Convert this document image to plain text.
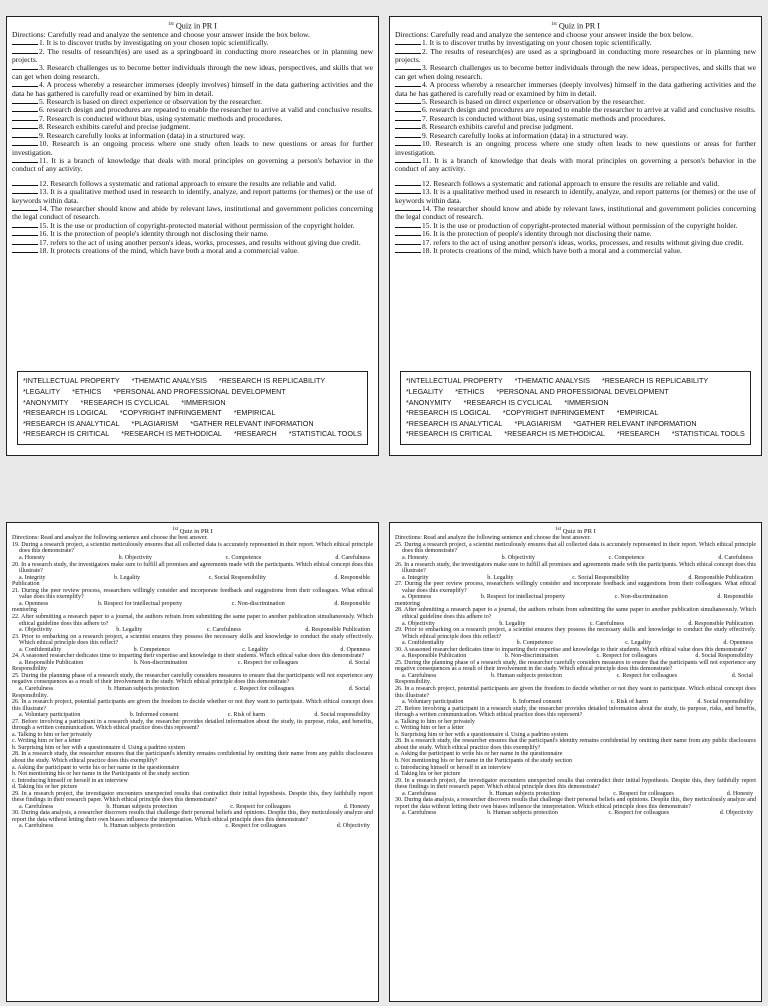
$^{1st}$ Quiz in PR I
Directions: Carefully read and analyze the sentence and choose your answer inside the box below.
1. It is to discover truths by investigating on your chosen topic scientifically.
2. The results of research(es) are used as a springboard in conducting more researches or in planning new projects.
3. Research challenges us to become better individuals through the new ideas, perspectives, and skills that we can get when doing research.
4. A process whereby a researcher immerses (deeply involves) himself in the data gathering activities and the data he has gathered is carefully read or examined by him in detail.
5. Research is based on direct experience or observation by the researcher.
6. research design and procedures are repeated to enable the researcher to arrive at valid and conclusive results.
7. Research is conducted without bias, using systematic methods and procedures.
8. Research exhibits careful and precise judgment.
9. Research carefully looks at information (data) in a structured way.
10. Research is an ongoing process where one study often leads to new questions or areas for further investigation.
11. It is a branch of knowledge that deals with moral principles on governing a person's behavior in the conduct of any activity.
12. Research follows a systematic and rational approach to ensure the results are reliable and valid.
13. It is a qualitative method used in research to identify, analyze, and report patterns (or themes) or the use of keywords within data.
14. The researcher should know and abide by relevant laws, institutional and government policies concerning the legal conduct of research.
15. It is the use or production of copyright-protected material without permission of the copyright holder.
16. It is the protection of people's identity through not disclosing their name.
17. refers to the act of using another person's ideas, works, processes, and results without giving due credit.
18. It protects creations of the mind, which have both a moral and a commercial value.
*INTELLECTUAL PROPERTY *THEMATIC ANALYSIS *RESEARCH IS REPLICABILITY
*LEGALITY *ETHICS *PERSONAL AND PROFESSIONAL DEVELOPMENT
*ANONYMITY *RESEARCH IS CYCLICAL *IMMERSION
*RESEARCH IS LOGICAL *COPYRIGHT INFRINGEMENT *EMPIRICAL
*RESEARCH IS ANALYTICAL *PLAGIARISM *GATHER RELEVANT INFORMATION
*RESEARCH IS CRITICAL *RESEARCH IS METHODICAL *RESEARCH *STATISTICAL TOOLS
$^{1st}$ Quiz in PR I
Directions: Carefully read and analyze the sentence and choose your answer inside the box below.
1. It is to discover truths by investigating on your chosen topic scientifically.
2. The results of research(es) are used as a springboard in conducting more researches or in planning new projects.
3. Research challenges us to become better individuals through the new ideas, perspectives, and skills that we can get when doing research.
4. A process whereby a researcher immerses (deeply involves) himself in the data gathering activities and the data he has gathered is carefully read or examined by him in detail.
5. Research is based on direct experience or observation by the researcher.
6. research design and procedures are repeated to enable the researcher to arrive at valid and conclusive results.
7. Research is conducted without bias, using systematic methods and procedures.
8. Research exhibits careful and precise judgment.
9. Research carefully looks at information (data) in a structured way.
10. Research is an ongoing process where one study often leads to new questions or areas for further investigation.
11. It is a branch of knowledge that deals with moral principles on governing a person's behavior in the conduct of any activity.
12. Research follows a systematic and rational approach to ensure the results are reliable and valid.
13. It is a qualitative method used in research to identify, analyze, and report patterns (or themes) or the use of keywords within data.
14. The researcher should know and abide by relevant laws, institutional and government policies concerning the legal conduct of research.
15. It is the use or production of copyright-protected material without permission of the copyright holder.
16. It is the protection of people's identity through not disclosing their name.
17. refers to the act of using another person's ideas, works, processes, and results without giving due credit.
18. It protects creations of the mind, which have both a moral and a commercial value.
*INTELLECTUAL PROPERTY *THEMATIC ANALYSIS *RESEARCH IS REPLICABILITY
*LEGALITY *ETHICS *PERSONAL AND PROFESSIONAL DEVELOPMENT
*ANONYMITY *RESEARCH IS CYCLICAL *IMMERSION
*RESEARCH IS LOGICAL *COPYRIGHT INFRINGEMENT *EMPIRICAL
*RESEARCH IS ANALYTICAL *PLAGIARISM *GATHER RELEVANT INFORMATION
*RESEARCH IS CRITICAL *RESEARCH IS METHODICAL *RESEARCH *STATISTICAL TOOLS
$^{1st}$ Quiz in PR I
Directions: Read and analyze the following sentence and choose the best answer.
19. During a research project, a scientist meticulously ensures that all collected data is accurately represented in their report. Which ethical principle does this demonstrate?
a. Honesty	b. Objectivity	c. Competence	d. Carefulness
20. In a research study, the investigators make sure to fulfill all promises and agreements made with the participants. Which ethical concept does this illustrate?
a. Integrity	b. Legality	c. Social Responsibility	d. Responsible
Publication
21. During the peer review process, researchers willingly consider and incorporate feedback and suggestions from their colleagues. What ethical value does this exemplify?
a. Openness	b. Respect for intellectual property	c. Non-discrimination	d. Responsible
mentoring
22. After submitting a research paper to a journal, the authors refrain from submitting the same paper to another publication simultaneously. Which ethical guideline does this adhere to?
a. Objectivity	b. Legality	c. Carefulness	d. Responsible Publication
23. Prior to embarking on a research project, a scientist ensures they possess the necessary skills and knowledge to conduct the study effectively. Which ethical principle does this reflect?
a. Confidentiality	b. Competence	c. Legality	d. Openness
24. A seasoned researcher dedicates time to imparting their expertise and knowledge to their students. Which ethical value does this demonstrate?
a. Responsible Publication	b. Non-discrimination	c. Respect for colleagues	d. Social
Responsibility
25. During the planning phase of a research study, the researcher carefully considers measures to ensure that the participants will not experience any negative consequences as a result of their involvement in the study. Which ethical principle does this demonstrate?
a. Carefulness	b. Human subjects protection	c. Respect for colleagues	d. Social
Responsibility.
26. In a research project, potential participants are given the freedom to decide whether or not they want to participate. Which ethical concept does this illustrate?
a. Voluntary participation	b. Informed consent	c. Risk of harm	d. Social responsibility
27. Before involving a participant in a research study, the researcher provides detailed information about the study, its purpose, risks, and benefits, through a written communication. Which ethical practice does this represent?
a. Talking to him or her privately
c. Writing him or her a letter
b. Surprising him or her with a questionnaire d. Using a padrino system
28. In a research study, the researcher ensures that the participant's identity remains confidential by omitting their name from any public disclosures about the study. Which ethical practice does this exemplify?
a. Asking the participant to write his or her name in the questionnaire
b. Not mentioning his or her name in the Participants of the study section
c. Introducing himself or herself in an interview
d. Taking his or her picture
29. In a research project, the investigator encounters unexpected results that contradict their initial hypothesis. Despite this, they faithfully report these findings in their research paper. Which ethical principle does this demonstrate?
a. Carefulness	b. Human subjects protection	c. Respect for colleagues	d. Honesty
30. During data analysis, a researcher discovers results that challenge their personal beliefs and opinions. Despite this, they meticulously analyze and report the data without letting their own biases influence the interpretation. Which ethical principle does this demonstrate?
a. Carefulness	b. Human subjects protection	c. Respect for colleagues	d. Objectivity
$^{1st}$ Quiz in PR I
Directions: Read and analyze the following sentence and choose the best answer.
25. During a research project, a scientist meticulously ensures that all collected data is accurately represented in their report. Which ethical principle does this demonstrate?
a. Honesty	b. Objectivity	c. Competence	d. Carefulness
26. In a research study, the investigators make sure to fulfill all promises and agreements made with the participants. Which ethical concept does this illustrate?
a. Integrity	b. Legality	c. Social Responsibility	d. Responsible Publication
27. During the peer review process, researchers willingly consider and incorporate feedback and suggestions from their colleagues. What ethical value does this exemplify?
a. Openness	b. Respect for intellectual property	c. Non-discrimination	d. Responsible
mentoring
28. After submitting a research paper to a journal, the authors refrain from submitting the same paper to another publication simultaneously. Which ethical guideline does this adhere to?
a. Objectivity	b. Legality	c. Carefulness	d. Responsible Publication
29. Prior to embarking on a research project, a scientist ensures they possess the necessary skills and knowledge to conduct the study effectively. Which ethical principle does this reflect?
a. Confidentiality	b. Competence	c. Legality	d. Openness
30. A seasoned researcher dedicates time to imparting their expertise and knowledge to their students. Which ethical value does this demonstrate?
a. Responsible Publication	b. Non-discrimination	c. Respect for colleagues	d. Social Responsibility
25. During the planning phase of a research study, the researcher carefully considers measures to ensure that the participants will not experience any negative consequences as a result of their involvement in the study. Which ethical principle does this demonstrate?
a. Carefulness	b. Human subjects protection	c. Respect for colleagues	d. Social
Responsibility.
26. In a research project, potential participants are given the freedom to decide whether or not they want to participate. Which ethical concept does this illustrate?
a. Voluntary participation	b. Informed consent	c. Risk of harm	d. Social responsibility
27. Before involving a participant in a research study, the researcher provides detailed information about the study, its purpose, risks, and benefits, through a written communication. Which ethical practice does this represent?
a. Talking to him or her privately
c. Writing him or her a letter
b. Surprising him or her with a questionnaire d. Using a padrino system
28. In a research study, the researcher ensures that the participant's identity remains confidential by omitting their name from any public disclosures about the study. Which ethical practice does this exemplify?
a. Asking the participant to write his or her name in the questionnaire
b. Not mentioning his or her name in the Participants of the study section
c. Introducing himself or herself in an interview
d. Taking his or her picture
29. In a research project, the investigator encounters unexpected results that contradict their initial hypothesis. Despite this, they faithfully report these findings in their research paper. Which ethical principle does this demonstrate?
a. Carefulness	b. Human subjects protection	c. Respect for colleagues	d. Honesty
30. During data analysis, a researcher discovers results that challenge their personal beliefs and opinions. Despite this, they meticulously analyze and report the data without letting their own biases influence the interpretation. Which ethical principle does this demonstrate?
a. Carefulness	b. Human subjects protection	c. Respect for colleagues	d. Objectivity
